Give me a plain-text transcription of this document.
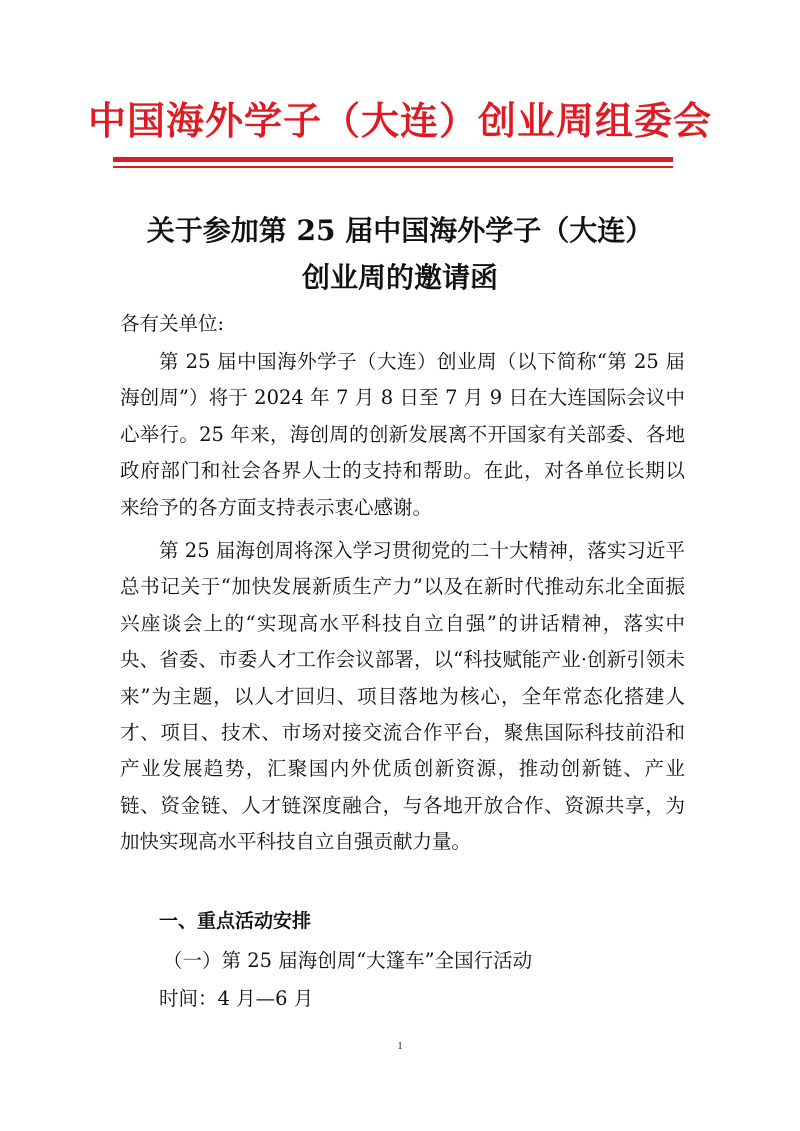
中国海外学子（大连）创业周组委会
关于参加第 25 届中国海外学子（大连）
创业周的邀请函
各有关单位:

第 25 届中国海外学子（大连）创业周（以下简称“第 25 届海创周”）将于 2024 年 7 月 8 日至 7 月 9 日在大连国际会议中心举行。25 年来，海创周的创新发展离不开国家有关部委、各地政府部门和社会各界人士的支持和帮助。在此，对各单位长期以来给予的各方面支持表示衷心感谢。

第 25 届海创周将深入学习贯彻党的二十大精神，落实习近平总书记关于“加快发展新质生产力”以及在新时代推动东北全面振兴座谈会上的“实现高水平科技自立自强”的讲话精神，落实中央、省委、市委人才工作会议部署，以“科技赋能产业·创新引领未来”为主题，以人才回归、项目落地为核心，全年常态化搭建人才、项目、技术、市场对接交流合作平台，聚焦国际科技前沿和产业发展趋势，汇聚国内外优质创新资源，推动创新链、产业链、资金链、人才链深度融合，与各地开放合作、资源共享，为加快实现高水平科技自立自强贡献力量。

一、重点活动安排
（一）第 25 届海创周“大篷车”全国行活动
时间：4 月—6 月
1
